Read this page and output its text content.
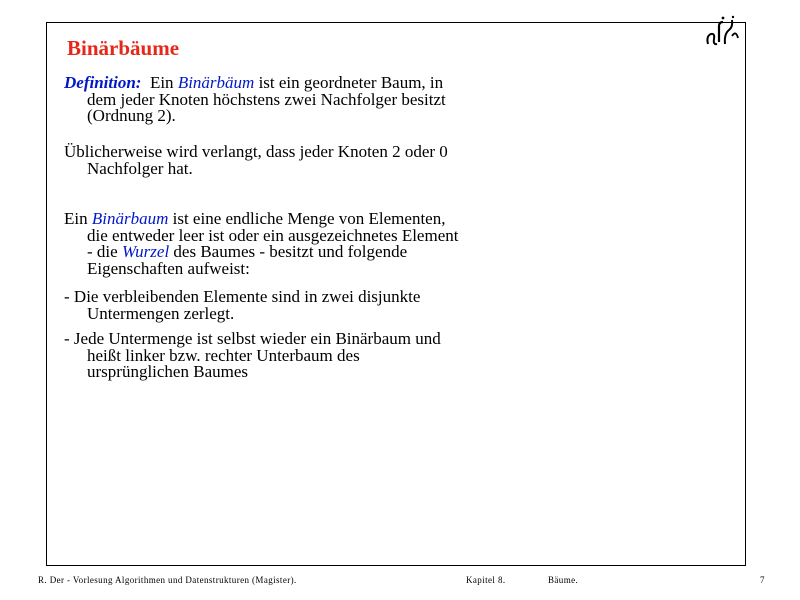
Binärbäume

Definition: Ein Binärbäum ist ein geordneter Baum, in
dem jeder Knoten höchstens zwei Nachfolger besitzt
(Ordnung 2).

Üblicherweise wird verlangt, dass jeder Knoten 2 oder 0
Nachfolger hat.

Ein Binärbaum ist eine endliche Menge von Elementen,
die entweder leer ist oder ein ausgezeichnetes Element
- die Wurzel des Baumes - besitzt und folgende
Eigenschaften aufweist:

- Die verbleibenden Elemente sind in zwei disjunkte
Untermengen zerlegt.

- Jede Untermenge ist selbst wieder ein Binärbaum und
heißt linker bzw. rechter Unterbaum des
ursprünglichen Baumes

R. Der - Vorlesung Algorithmen und Datenstrukturen (Magister).	Kapitel 8.	Bäume.	7
